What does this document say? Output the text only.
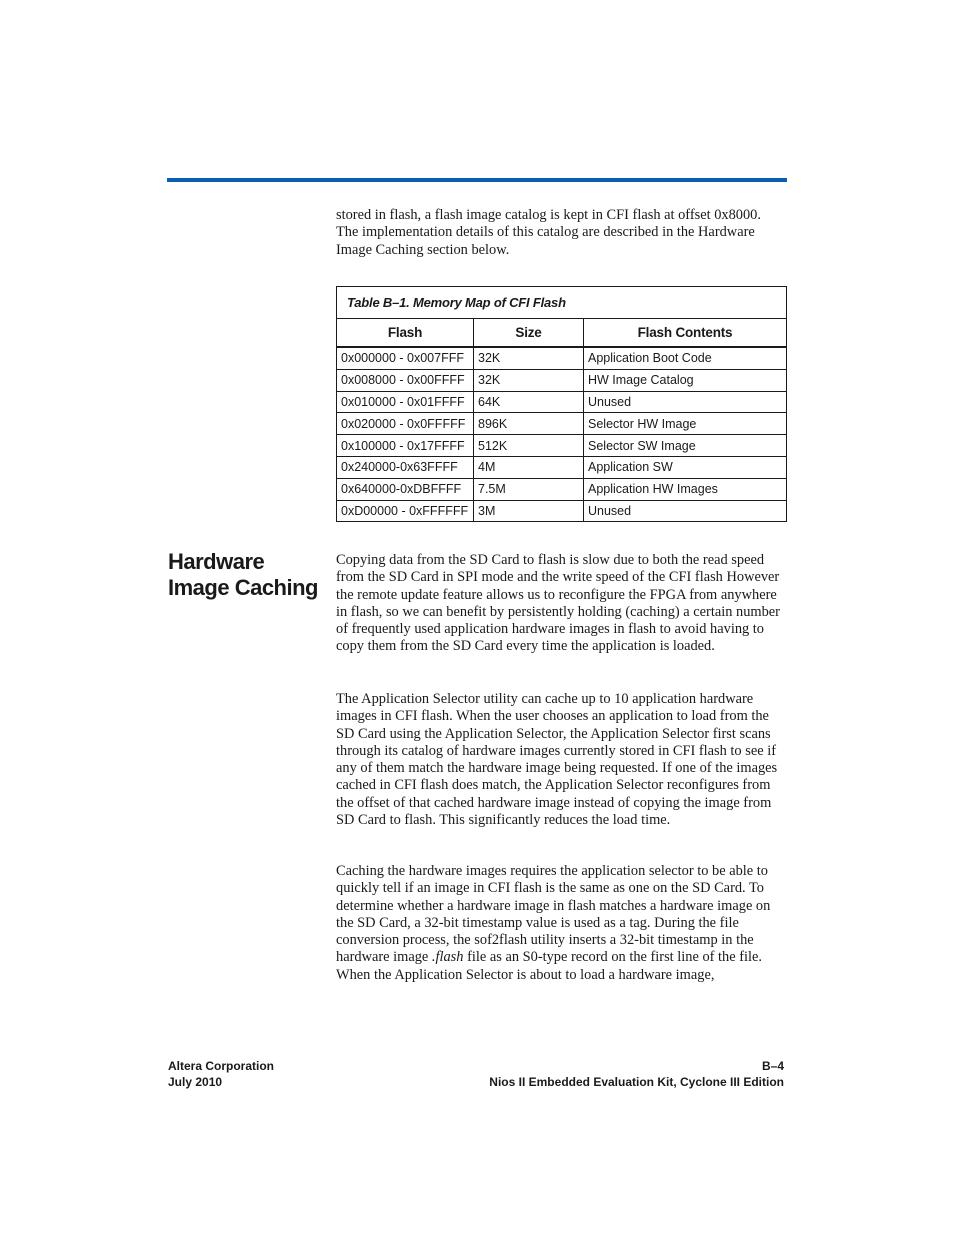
stored in flash, a flash image catalog is kept in CFI flash at offset 0x8000. The implementation details of this catalog are described in the Hardware Image Caching section below.
Table B–1. Memory Map of CFI Flash
Flash	Size	Flash Contents
0x000000 - 0x007FFF	32K	Application Boot Code
0x008000 - 0x00FFFF	32K	HW Image Catalog
0x010000 - 0x01FFFF	64K	Unused
0x020000 - 0x0FFFFF	896K	Selector HW Image
0x100000 - 0x17FFFF	512K	Selector SW Image
0x240000-0x63FFFF	4M	Application SW
0x640000-0xDBFFFF	7.5M	Application HW Images
0xD00000 - 0xFFFFFF	3M	Unused
Hardware Image Caching

Copying data from the SD Card to flash is slow due to both the read speed from the SD Card in SPI mode and the write speed of the CFI flash However the remote update feature allows us to reconfigure the FPGA from anywhere in flash, so we can benefit by persistently holding (caching) a certain number of frequently used application hardware images in flash to avoid having to copy them from the SD Card every time the application is loaded.

The Application Selector utility can cache up to 10 application hardware images in CFI flash. When the user chooses an application to load from the SD Card using the Application Selector, the Application Selector first scans through its catalog of hardware images currently stored in CFI flash to see if any of them match the hardware image being requested. If one of the images cached in CFI flash does match, the Application Selector reconfigures from the offset of that cached hardware image instead of copying the image from SD Card to flash. This significantly reduces the load time.

Caching the hardware images requires the application selector to be able to quickly tell if an image in CFI flash is the same as one on the SD Card. To determine whether a hardware image in flash matches a hardware image on the SD Card, a 32-bit timestamp value is used as a tag. During the file conversion process, the sof2flash utility inserts a 32-bit timestamp in the hardware image .flash file as an S0-type record on the first line of the file. When the Application Selector is about to load a hardware image,

Altera Corporation
July 2010
B–4
Nios II Embedded Evaluation Kit, Cyclone III Edition
